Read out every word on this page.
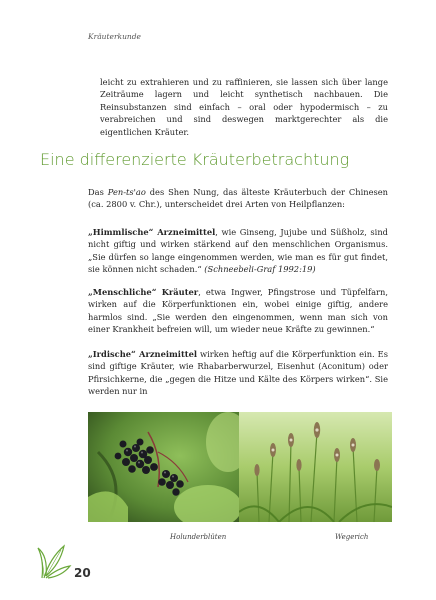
Kräuterkunde
leicht zu extrahieren und zu raffinieren, sie lassen sich über lange Zeiträume lagern und leicht synthetisch nachbauen. Die Reinsubstanzen sind einfach – oral oder hypodermisch – zu verabreichen und sind deswegen marktgerechter als die eigentlichen Kräuter.
Eine differenzierte Kräuterbetrachtung
Das Pen-ts'ao des Shen Nung, das älteste Kräuterbuch der Chinesen (ca. 2800 v. Chr.), unterscheidet drei Arten von Heilpflanzen:
„Himmlische“ Arzneimittel, wie Ginseng, Jujube und Süßholz, sind nicht giftig und wirken stärkend auf den menschlichen Organismus. „Sie dürfen so lange eingenommen werden, wie man es für gut findet, sie können nicht schaden.“ (Schneebeli-Graf 1992:19)
„Menschliche“ Kräuter, etwa Ingwer, Pfingstrose und Tüpfelfarn, wirken auf die Körperfunktionen ein, wobei einige giftig, andere harmlos sind. „Sie werden den eingenommen, wenn man sich von einer Krankheit befreien will, um wieder neue Kräfte zu gewinnen.“
„Irdische“ Arzneimittel wirken heftig auf die Körperfunktion ein. Es sind giftige Kräuter, wie Rhabarberwurzel, Eisenhut (Aconitum) oder Pfirsichkerne, die „gegen die Hitze und Kälte des Körpers wirken“. Sie werden nur in
Holunderblüten	Wegerich
20
